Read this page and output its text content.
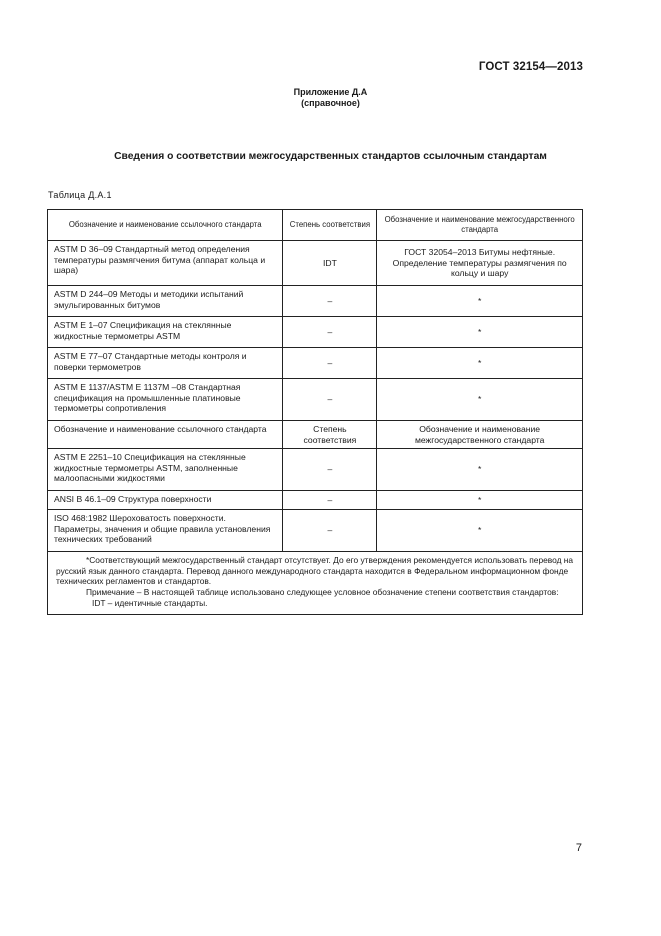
ГОСТ 32154—2013
Приложение Д.А
(справочное)
Сведения о соответствии межгосударственных стандартов ссылочным стандартам
Таблица Д.А.1
Обозначение и наименование ссылочного стандарта	Степень соответствия	Обозначение и наименование межгосударственного стандарта
ASTM D 36–09 Стандартный метод определения температуры размягчения битума (аппарат кольца и шара)	IDT	ГОСТ 32054–2013 Битумы нефтяные. Определение температуры размягчения по кольцу и шару
ASTM D 244–09 Методы и методики испытаний эмульгированных битумов	–	*
ASTM E 1–07 Спецификация на стеклянные жидкостные термометры ASTM	–	*
ASTM E 77–07 Стандартные методы контроля и поверки термометров	–	*
ASTM E 1137/ASTM E 1137M –08 Стандартная спецификация на промышленные платиновые термометры сопротивления	–	*
Обозначение и наименование ссылочного стандарта	Степень соответствия	Обозначение и наименование межгосударственного стандарта
ASTM E 2251–10 Спецификация на стеклянные жидкостные термометры ASTM, заполненные малоопасными жидкостями	–	*
ANSI B 46.1–09 Структура поверхности	–	*
ISO 468:1982 Шероховатость поверхности. Параметры, значения и общие правила установления технических требований	–	*

*Соответствующий межгосударственный стандарт отсутствует. До его утверждения рекомендуется использовать перевод на русский язык данного стандарта. Перевод данного международного стандарта находится в Федеральном информационном фонде технических регламентов и стандартов.
Примечание – В настоящей таблице использовано следующее условное обозначение степени соответствия стандартов:
IDT – идентичные стандарты.		
7
